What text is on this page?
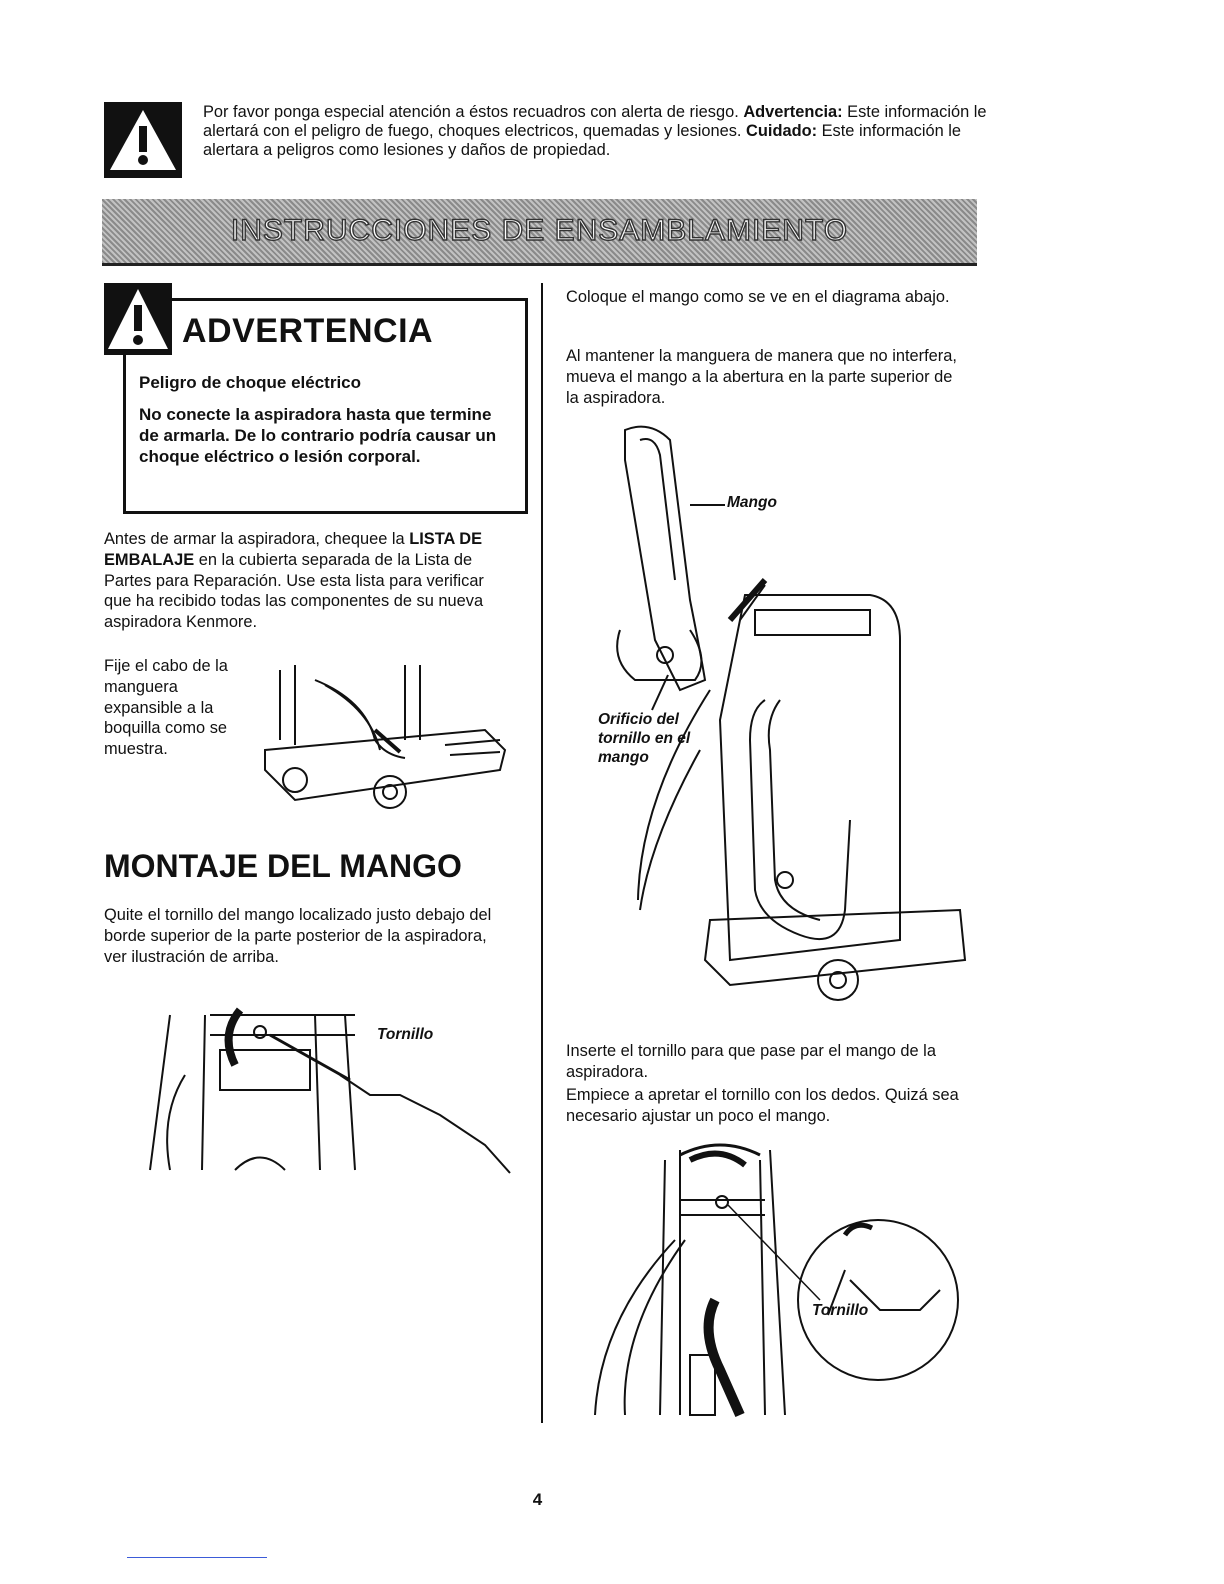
Por favor ponga especial atención a éstos recuadros con alerta de riesgo. Advertencia: Este información le alertará con el peligro de fuego, choques electricos, quemadas y lesiones. Cuidado: Este información le alertara a peligros como lesiones y daños de propiedad.
INSTRUCCIONES DE ENSAMBLAMIENTO
ADVERTENCIA
Peligro de choque eléctrico
No conecte la aspiradora hasta que termine de armarla. De lo contrario podría causar un choque eléctrico o lesión corporal.
Antes de armar la aspiradora, chequee la LISTA DE EMBALAJE en la cubierta separada de la Lista de Partes para Reparación. Use esta lista para verificar que ha recibido todas las componentes de su nueva aspiradora Kenmore.
Fije el cabo de la manguera expansible a la boquilla como se muestra.
MONTAJE DEL MANGO
Quite el tornillo del mango localizado justo debajo del borde superior de la parte posterior de la aspiradora, ver ilustración de arriba.
Tornillo
Coloque el mango como se ve en el diagrama abajo.
Al mantener la manguera de manera que no interfera, mueva el mango a la abertura en la parte superior de la aspiradora.
Mango
Orificio del tornillo en el mango
Inserte el tornillo para que pase par el mango de la aspiradora.
Empiece a apretar el tornillo con los dedos. Quizá sea necesario ajustar un poco el mango.
Tornillo
4
